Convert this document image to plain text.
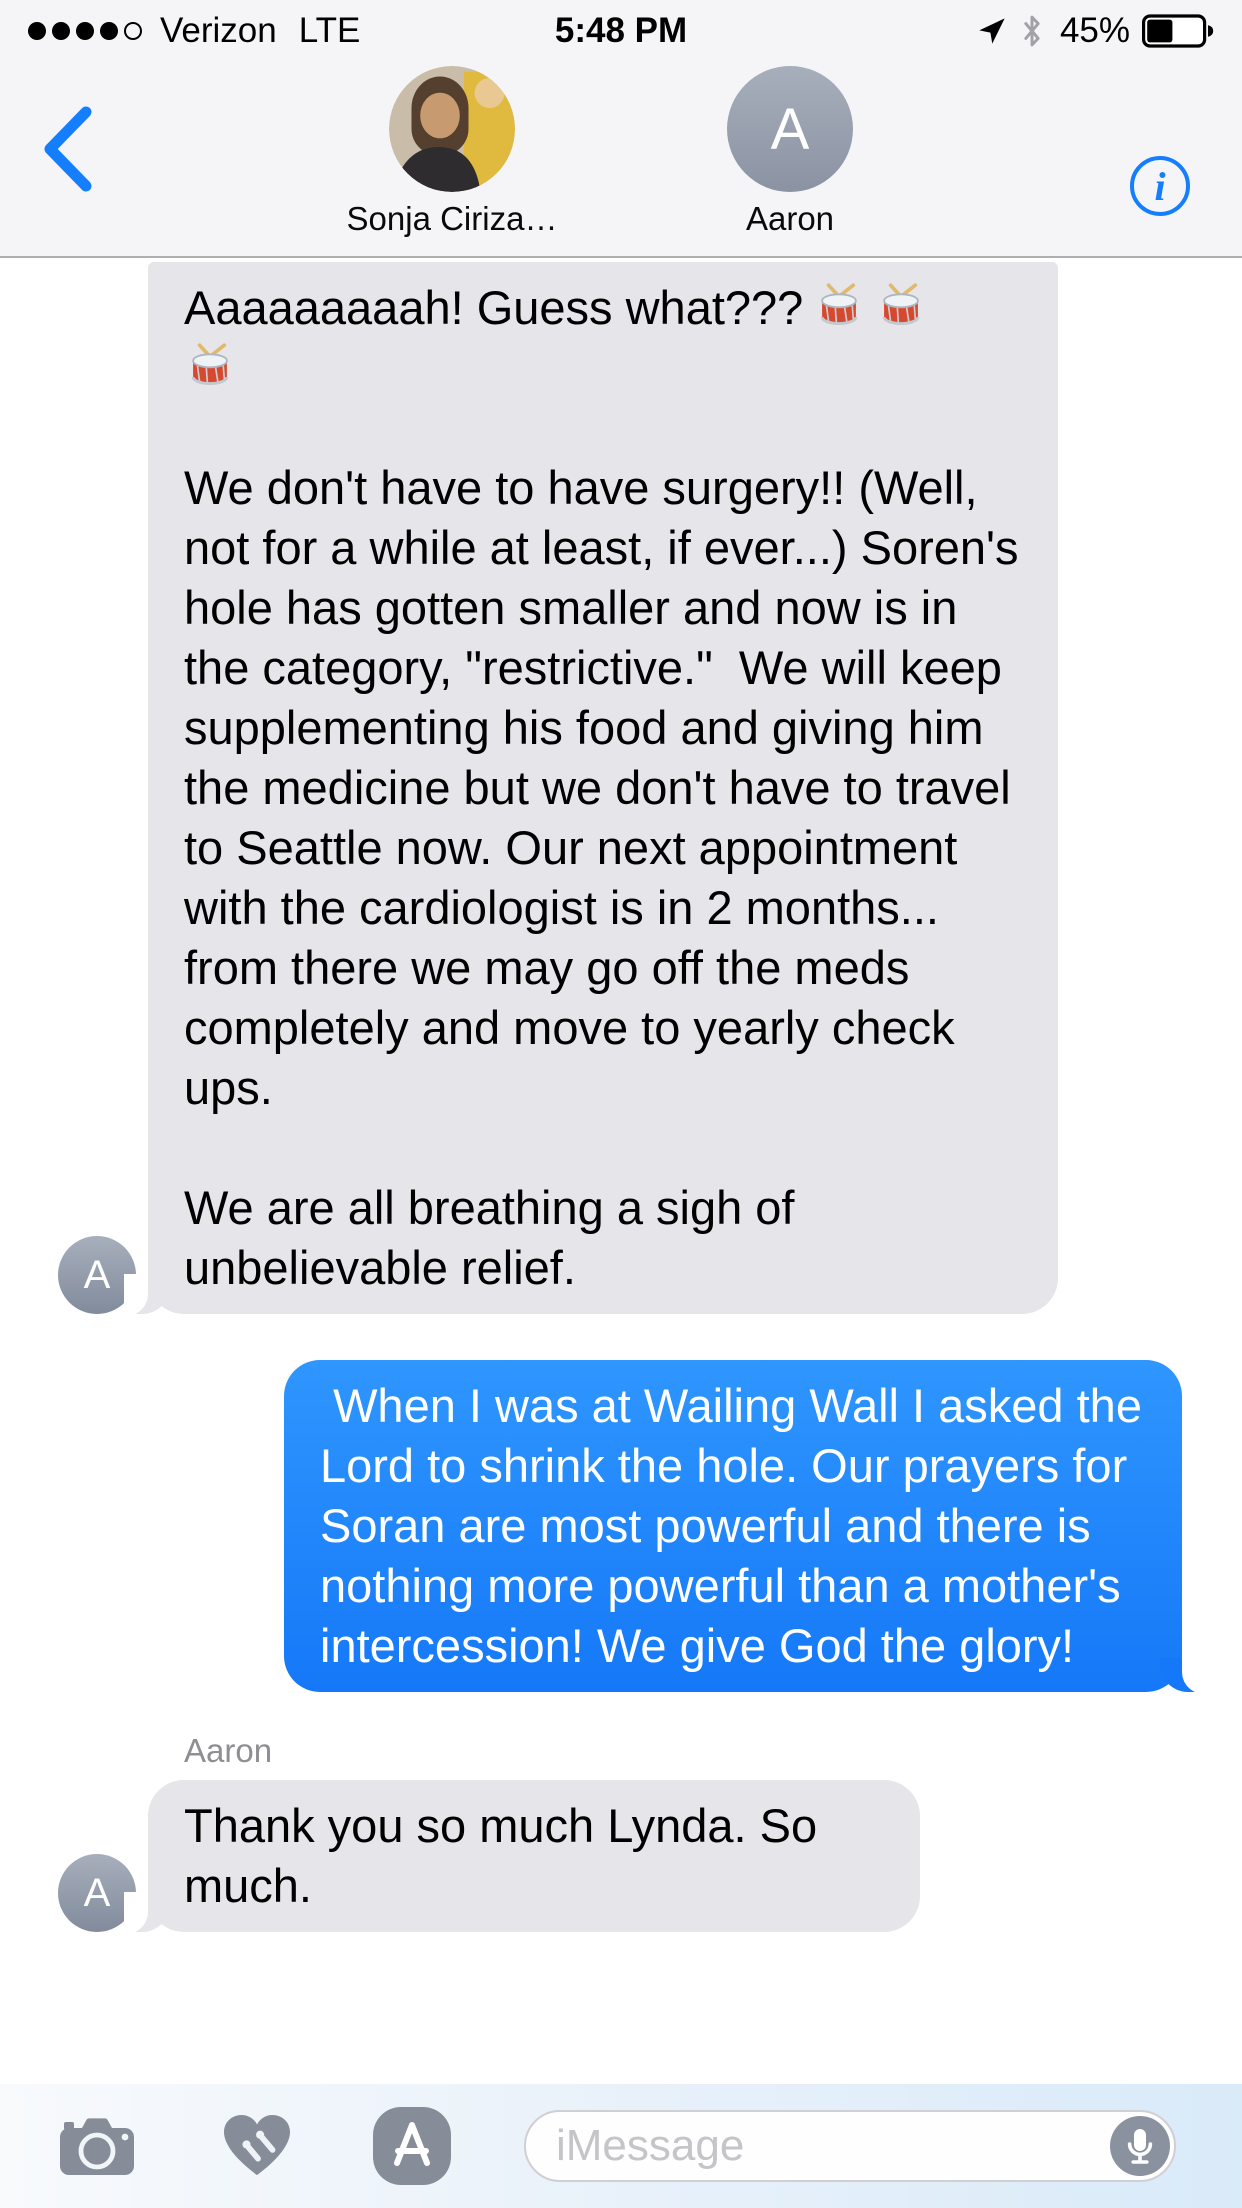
Verizon LTE	5:48 PM	45%
Sonja Ciriza…
A
Aaron
i
A

Aaaaaaaaah! Guess what???

We don't have to have surgery!! (Well, not for a while at least, if ever...) Soren's hole has gotten smaller and now is in the category, "restrictive."  We will keep supplementing his food and giving him the medicine but we don't have to travel to Seattle now. Our next appointment with the cardiologist is in 2 months... from there we may go off the meds completely and move to yearly check ups.

We are all breathing a sigh of unbelievable relief.

When I was at Wailing Wall I asked the Lord to shrink the hole. Our prayers for Soran are most powerful and there is nothing more powerful than a mother's intercession! We give God the glory!

Aaron
A

Thank you so much Lynda. So much.

iMessage
